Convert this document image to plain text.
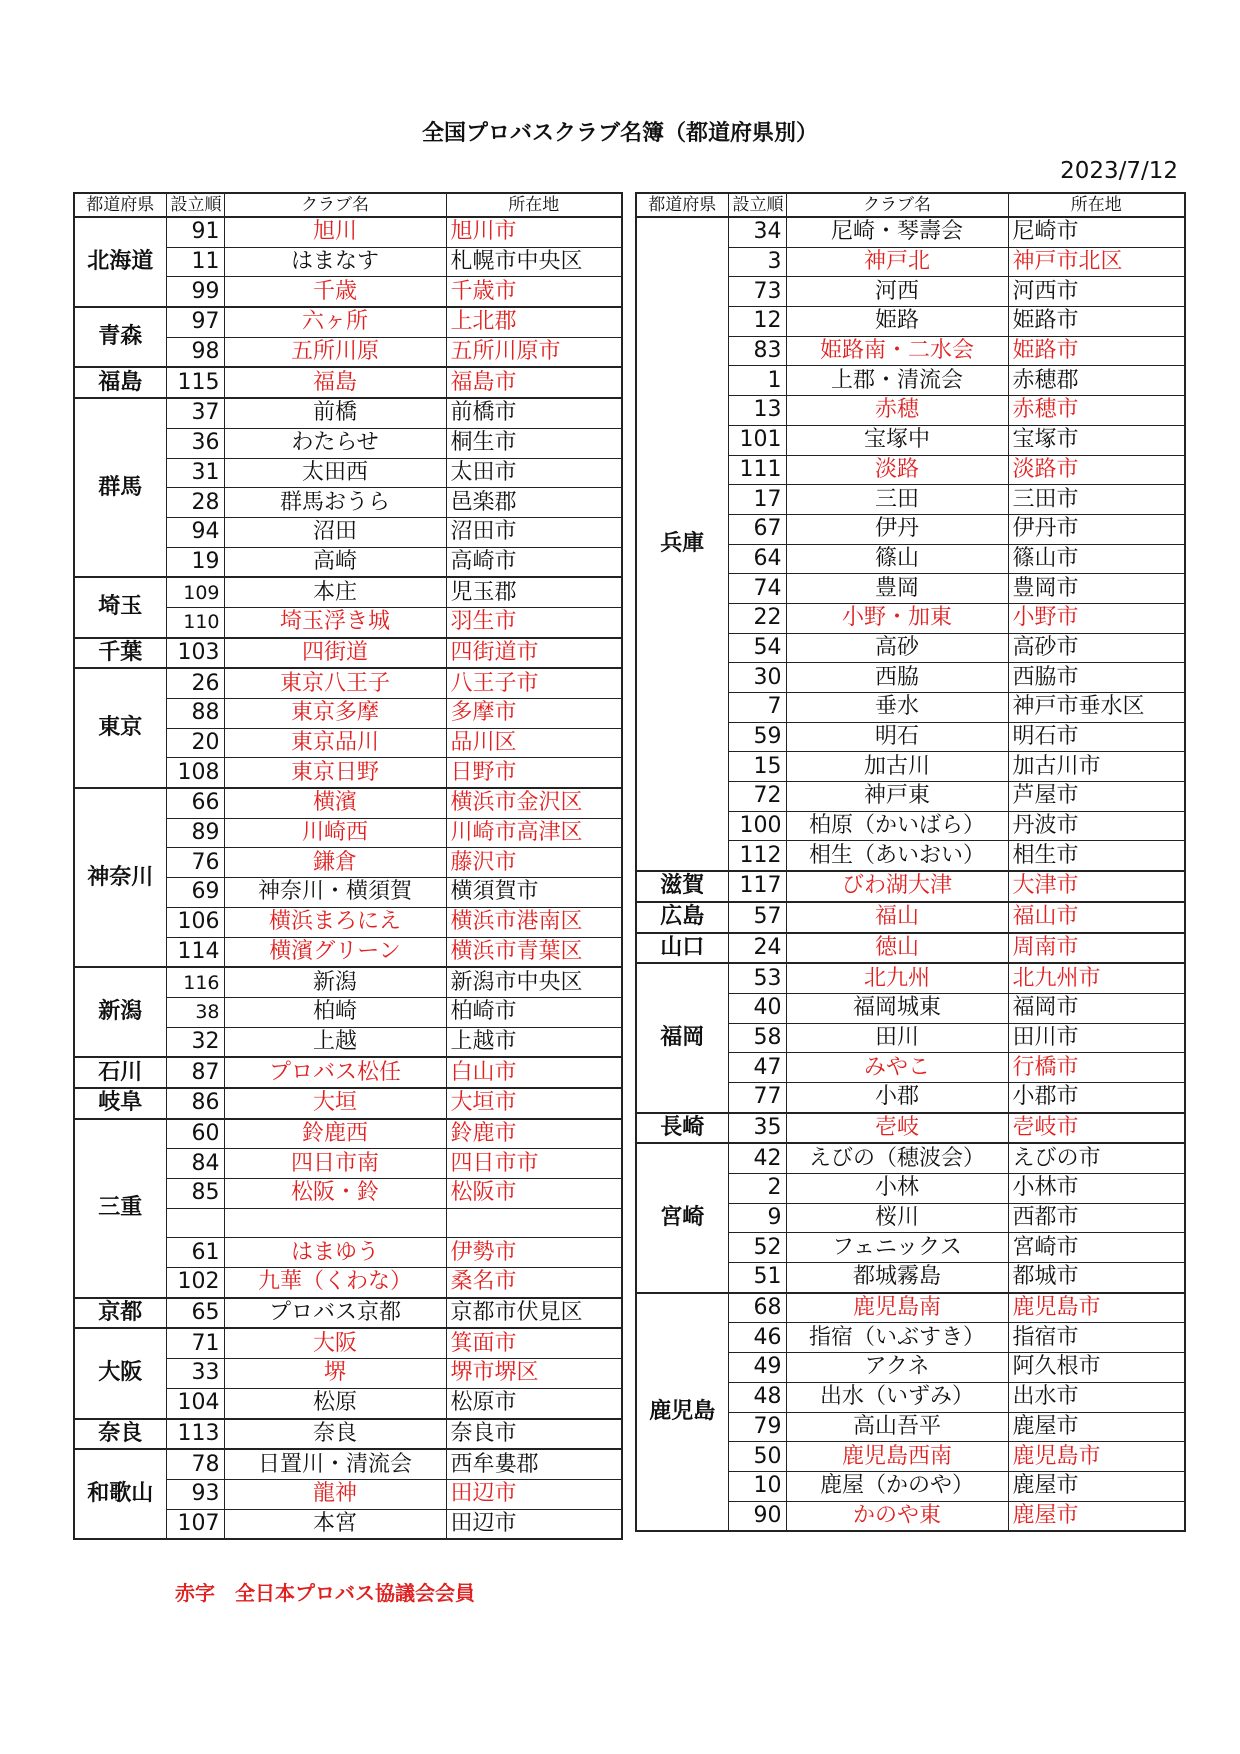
全国プロバスクラブ名簿（都道府県別）
2023/7/12
都道府県	設立順	クラブ名	所在地
北海道	91	旭川	旭川市
	11	はまなす	札幌市中央区
	99	千歳	千歳市
青森	97	六ヶ所	上北郡
	98	五所川原	五所川原市
福島	115	福島	福島市
群馬	37	前橋	前橋市
	36	わたらせ	桐生市
	31	太田西	太田市
	28	群馬おうら	邑楽郡
	94	沼田	沼田市
	19	高崎	高崎市
埼玉	109	本庄	児玉郡
	110	埼玉浮き城	羽生市
千葉	103	四街道	四街道市
東京	26	東京八王子	八王子市
	88	東京多摩	多摩市
	20	東京品川	品川区
	108	東京日野	日野市
神奈川	66	横濱	横浜市金沢区
	89	川崎西	川崎市高津区
	76	鎌倉	藤沢市
	69	神奈川・横須賀	横須賀市
	106	横浜まろにえ	横浜市港南区
	114	横濱グリーン	横浜市青葉区
新潟	116	新潟	新潟市中央区
	38	柏崎	柏崎市
	32	上越	上越市
石川	87	プロバス松任	白山市
岐阜	86	大垣	大垣市
三重	60	鈴鹿西	鈴鹿市
	84	四日市南	四日市市
	85	松阪・鈴	松阪市

	61	はまゆう	伊勢市
	102	九華（くわな）	桑名市
京都	65	プロバス京都	京都市伏見区
大阪	71	大阪	箕面市
	33	堺	堺市堺区
	104	松原	松原市
奈良	113	奈良	奈良市
和歌山	78	日置川・清流会	西牟婁郡
	93	龍神	田辺市
	107	本宮	田辺市
都道府県	設立順	クラブ名	所在地
兵庫	34	尼崎・琴壽会	尼崎市
	3	神戸北	神戸市北区
	73	河西	河西市
	12	姫路	姫路市
	83	姫路南・二水会	姫路市
	1	上郡・清流会	赤穂郡
	13	赤穂	赤穂市
	101	宝塚中	宝塚市
	111	淡路	淡路市
	17	三田	三田市
	67	伊丹	伊丹市
	64	篠山	篠山市
	74	豊岡	豊岡市
	22	小野・加東	小野市
	54	高砂	高砂市
	30	西脇	西脇市
	7	垂水	神戸市垂水区
	59	明石	明石市
	15	加古川	加古川市
	72	神戸東	芦屋市
	100	柏原（かいばら）	丹波市
	112	相生（あいおい）	相生市
滋賀	117	びわ湖大津	大津市
広島	57	福山	福山市
山口	24	徳山	周南市
福岡	53	北九州	北九州市
	40	福岡城東	福岡市
	58	田川	田川市
	47	みやこ	行橋市
	77	小郡	小郡市
長崎	35	壱岐	壱岐市
宮崎	42	えびの（穂波会）	えびの市
	2	小林	小林市
	9	桜川	西都市
	52	フェニックス	宮崎市
	51	都城霧島	都城市
鹿児島	68	鹿児島南	鹿児島市
	46	指宿（いぶすき）	指宿市
	49	アクネ	阿久根市
	48	出水（いずみ）	出水市
	79	高山吾平	鹿屋市
	50	鹿児島西南	鹿児島市
	10	鹿屋（かのや）	鹿屋市
	90	かのや東	鹿屋市
赤字　全日本プロバス協議会会員
